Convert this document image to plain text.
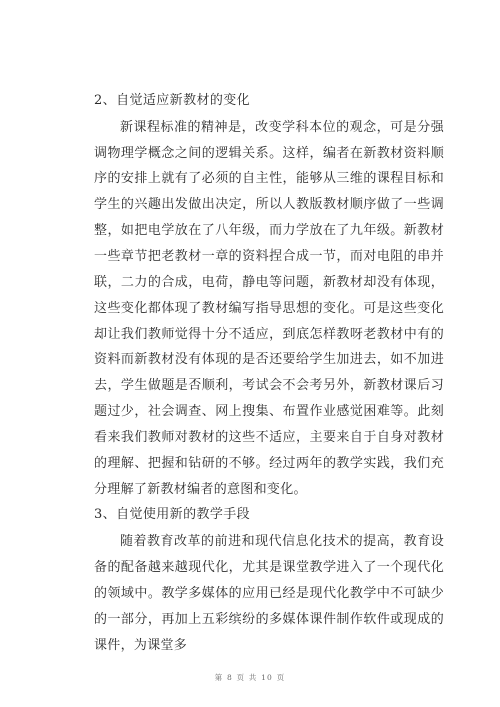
2、自觉适应新教材的变化

新课程标准的精神是，改变学科本位的观念，可是分强调物理学概念之间的逻辑关系。这样，编者在新教材资料顺序的安排上就有了必须的自主性，能够从三维的课程目标和学生的兴趣出发做出决定，所以人教版教材顺序做了一些调整，如把电学放在了八年级，而力学放在了九年级。新教材一些章节把老教材一章的资料捏合成一节，而对电阻的串并联，二力的合成，电荷，静电等问题，新教材却没有体现，这些变化都体现了教材编写指导思想的变化。可是这些变化却让我们教师觉得十分不适应，到底怎样教呀老教材中有的资料而新教材没有体现的是否还要给学生加进去，如不加进去，学生做题是否顺利，考试会不会考另外，新教材课后习题过少，社会调查、网上搜集、布置作业感觉困难等。此刻看来我们教师对教材的这些不适应，主要来自于自身对教材的理解、把握和钻研的不够。经过两年的教学实践，我们充分理解了新教材编者的意图和变化。

3、自觉使用新的教学手段

随着教育改革的前进和现代信息化技术的提高，教育设备的配备越来越现代化，尤其是课堂教学进入了一个现代化的领域中。教学多媒体的应用已经是现代化教学中不可缺少的一部分，再加上五彩缤纷的多媒体课件制作软件或现成的课件，为课堂多

第 8 页 共 10 页
